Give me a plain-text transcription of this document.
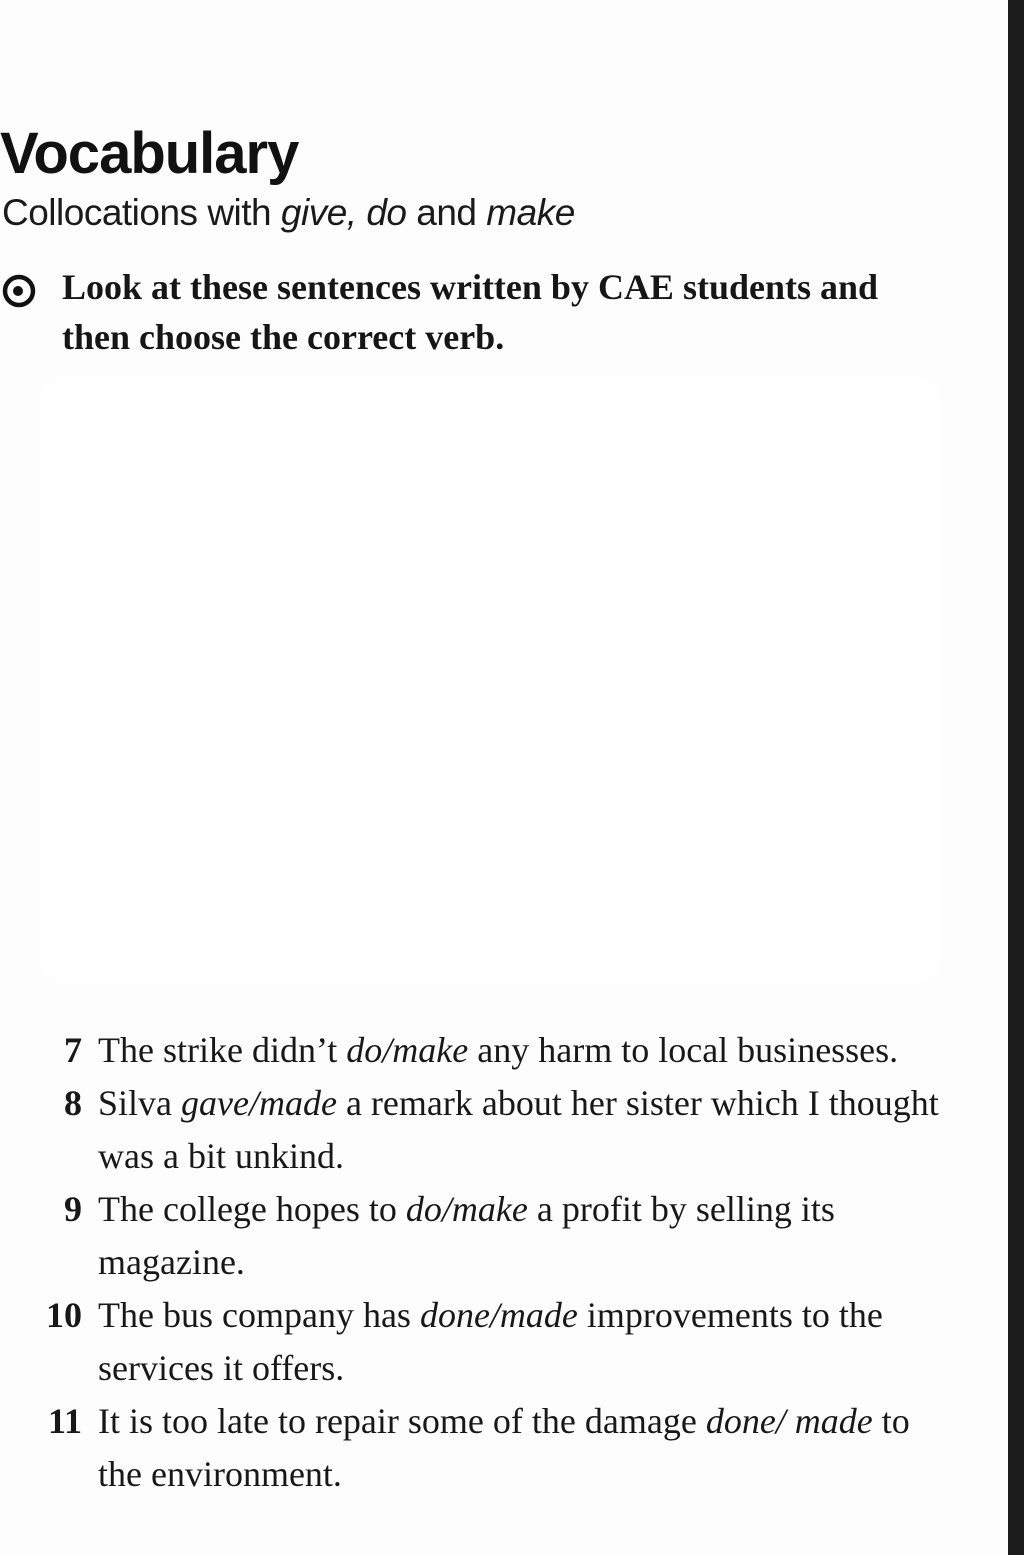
Vocabulary

Collocations with give, do and make

Look at these sentences written by CAE students and then choose the correct verb.

7 The strike didn’t do/make any harm to local businesses.
8 Silva gave/made a remark about her sister which I thought was a bit unkind.
9 The college hopes to do/make a profit by selling its magazine.
10 The bus company has done/made improvements to the services it offers.
11 It is too late to repair some of the damage done/ made to the environment.
